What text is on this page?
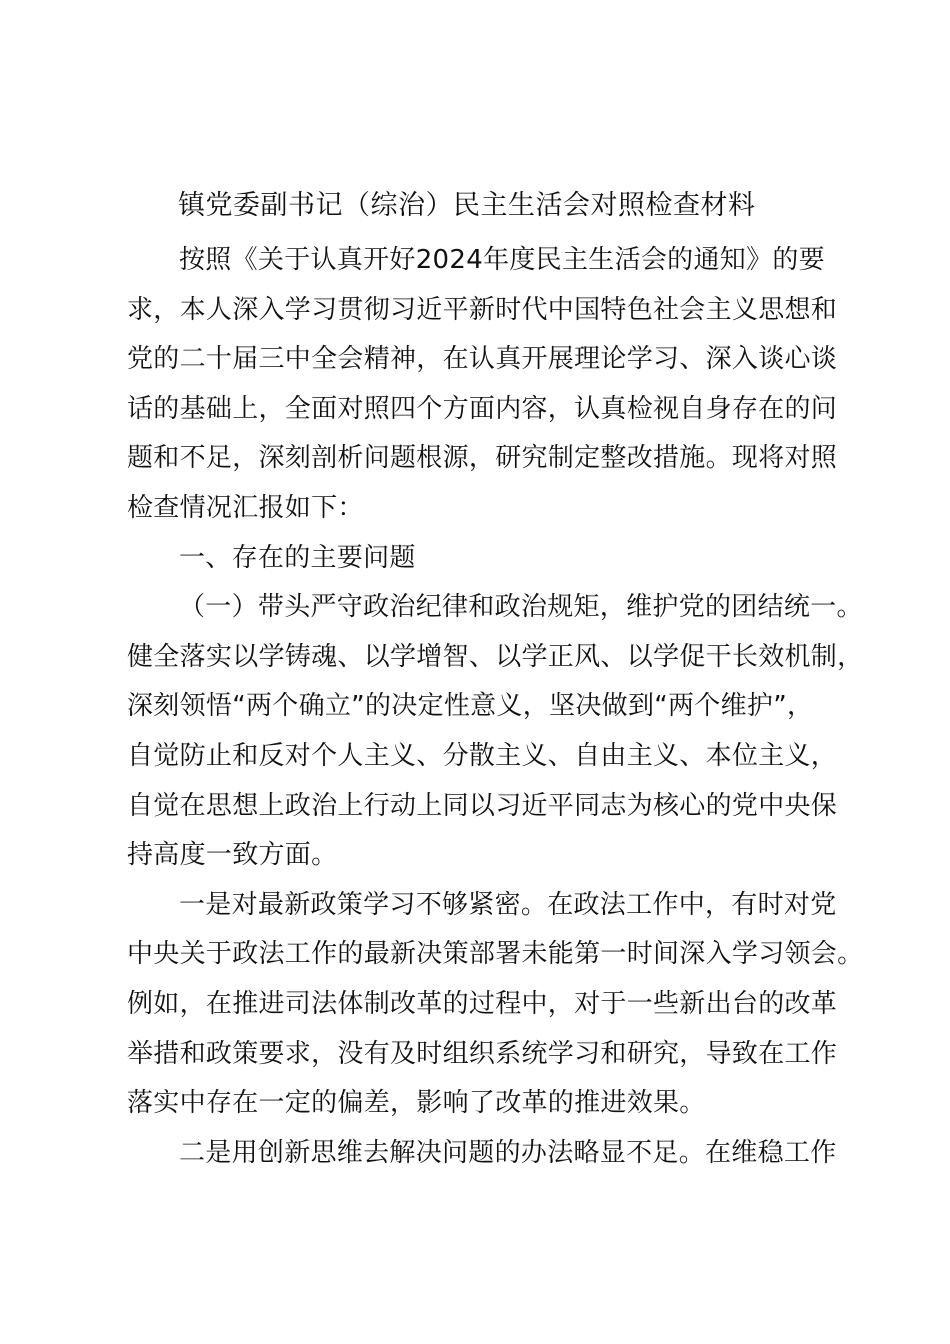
镇党委副书记（综治）民主生活会对照检查材料
按照《关于认真开好2024年度民主生活会的通知》的要
求，本人深入学习贯彻习近平新时代中国特色社会主义思想和
党的二十届三中全会精神，在认真开展理论学习、深入谈心谈
话的基础上，全面对照四个方面内容，认真检视自身存在的问
题和不足，深刻剖析问题根源，研究制定整改措施。现将对照
检查情况汇报如下：
一、存在的主要问题
（一）带头严守政治纪律和政治规矩，维护党的团结统一。
健全落实以学铸魂、以学增智、以学正风、以学促干长效机制，
深刻领悟“两个确立”的决定性意义，坚决做到“两个维护”，
自觉防止和反对个人主义、分散主义、自由主义、本位主义，
自觉在思想上政治上行动上同以习近平同志为核心的党中央保
持高度一致方面。
一是对最新政策学习不够紧密。在政法工作中，有时对党
中央关于政法工作的最新决策部署未能第一时间深入学习领会。
例如，在推进司法体制改革的过程中，对于一些新出台的改革
举措和政策要求，没有及时组织系统学习和研究，导致在工作
落实中存在一定的偏差，影响了改革的推进效果。
二是用创新思维去解决问题的办法略显不足。在维稳工作
